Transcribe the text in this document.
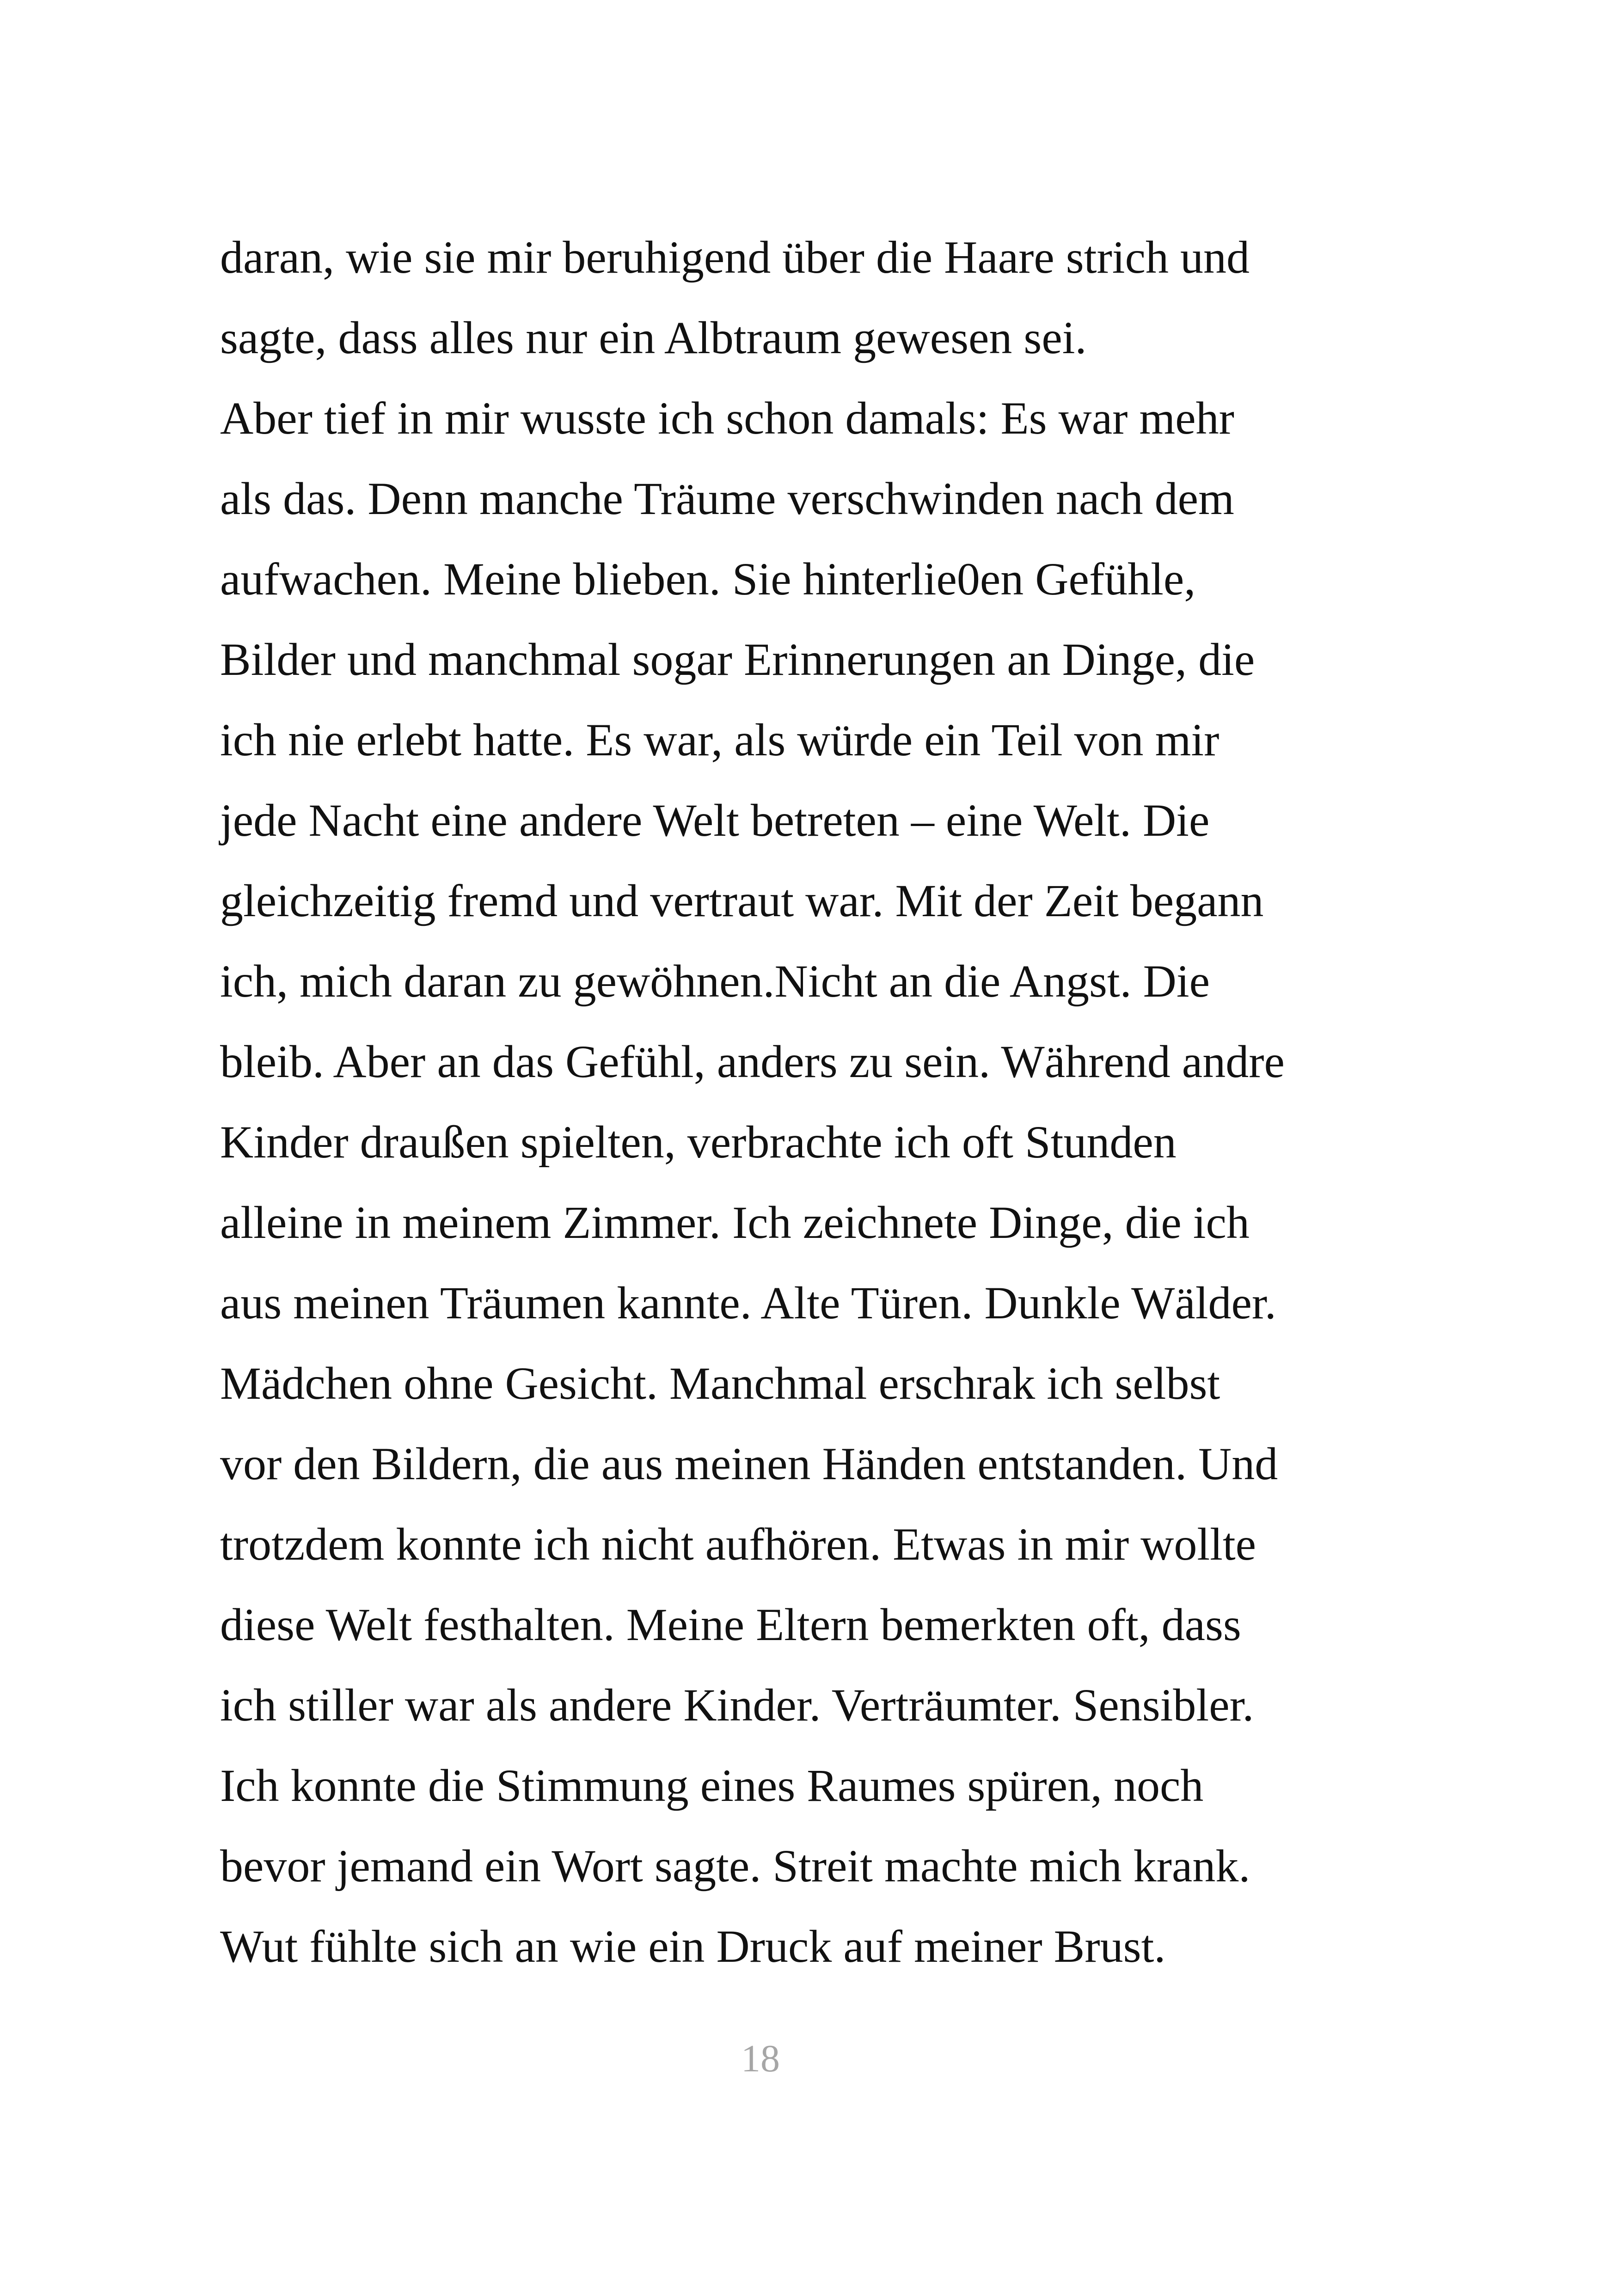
daran, wie sie mir beruhigend über die Haare strich und
sagte, dass alles nur ein Albtraum gewesen sei.
Aber tief in mir wusste ich schon damals: Es war mehr
als das. Denn manche Träume verschwinden nach dem
aufwachen. Meine blieben. Sie hinterlie0en Gefühle,
Bilder und manchmal sogar Erinnerungen an Dinge, die
ich nie erlebt hatte. Es war, als würde ein Teil von mir
jede Nacht eine andere Welt betreten – eine Welt. Die
gleichzeitig fremd und vertraut war. Mit der Zeit begann
ich, mich daran zu gewöhnen.Nicht an die Angst. Die
bleib. Aber an das Gefühl, anders zu sein. Während andre
Kinder draußen spielten, verbrachte ich oft Stunden
alleine in meinem Zimmer. Ich zeichnete Dinge, die ich
aus meinen Träumen kannte. Alte Türen. Dunkle Wälder.
Mädchen ohne Gesicht. Manchmal erschrak ich selbst
vor den Bildern, die aus meinen Händen entstanden. Und
trotzdem konnte ich nicht aufhören. Etwas in mir wollte
diese Welt festhalten. Meine Eltern bemerkten oft, dass
ich stiller war als andere Kinder. Verträumter. Sensibler.
Ich konnte die Stimmung eines Raumes spüren, noch
bevor jemand ein Wort sagte. Streit machte mich krank.
Wut fühlte sich an wie ein Druck auf meiner Brust.
18
